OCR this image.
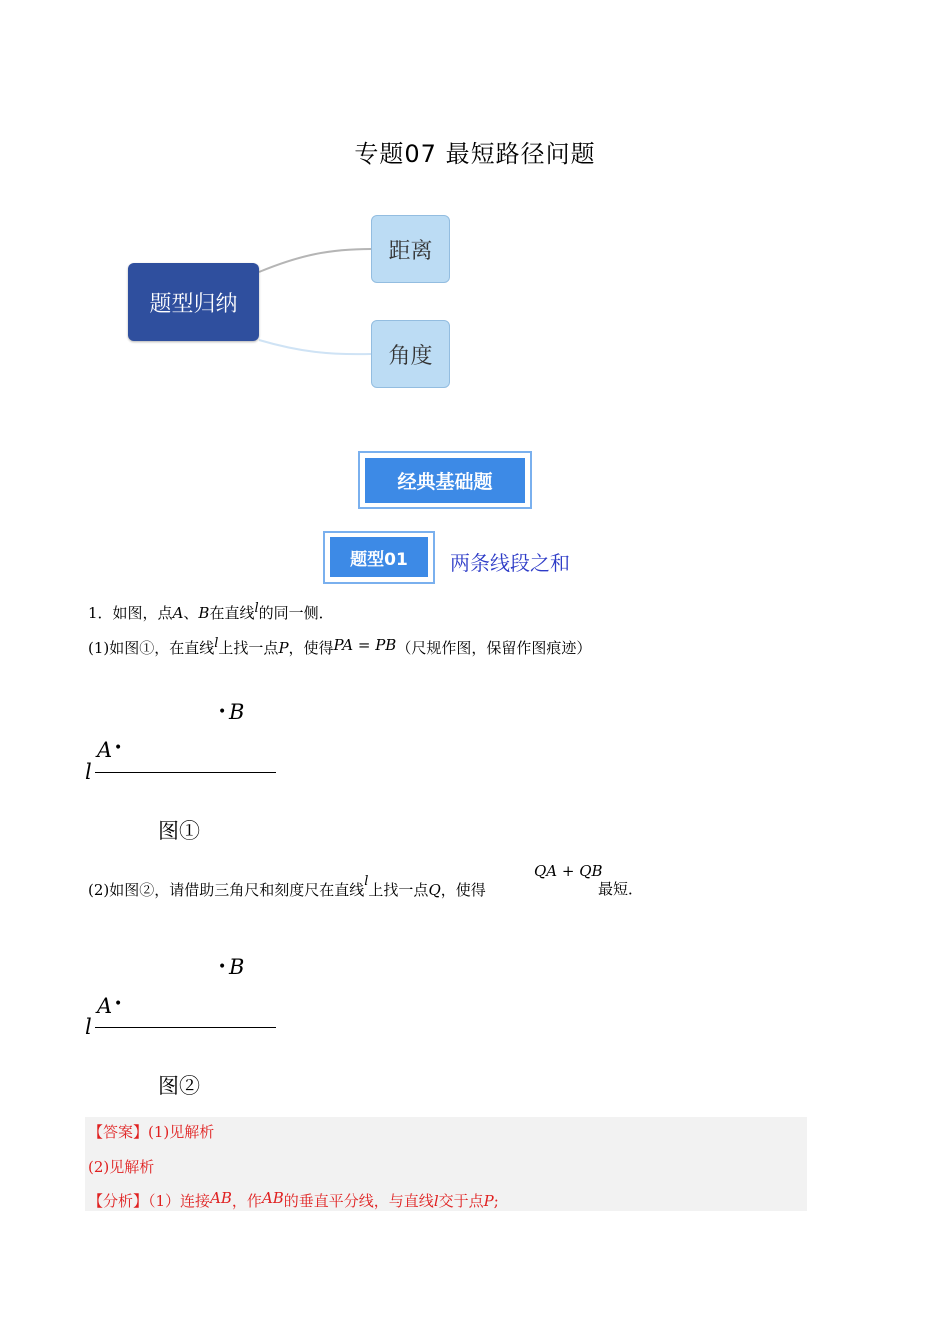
专题07 最短路径问题
题型归纳
距离
角度
经典基础题
题型01	两条线段之和
1．如图，点A、B在直线$^l$的同一侧．
(1)如图①，在直线$^l$上找一点P，使得PA = PB（尺规作图，保留作图痕迹）
• B
A •
l
图①
(2)如图②，请借助三角尺和刻度尺在直线$^l$上找一点Q，使得
QA + QB
最短．
• B
A •
l
图②
【答案】(1)见解析
(2)见解析
【分析】（1）连接AB，作AB的垂直平分线，与直线l交于点P;
